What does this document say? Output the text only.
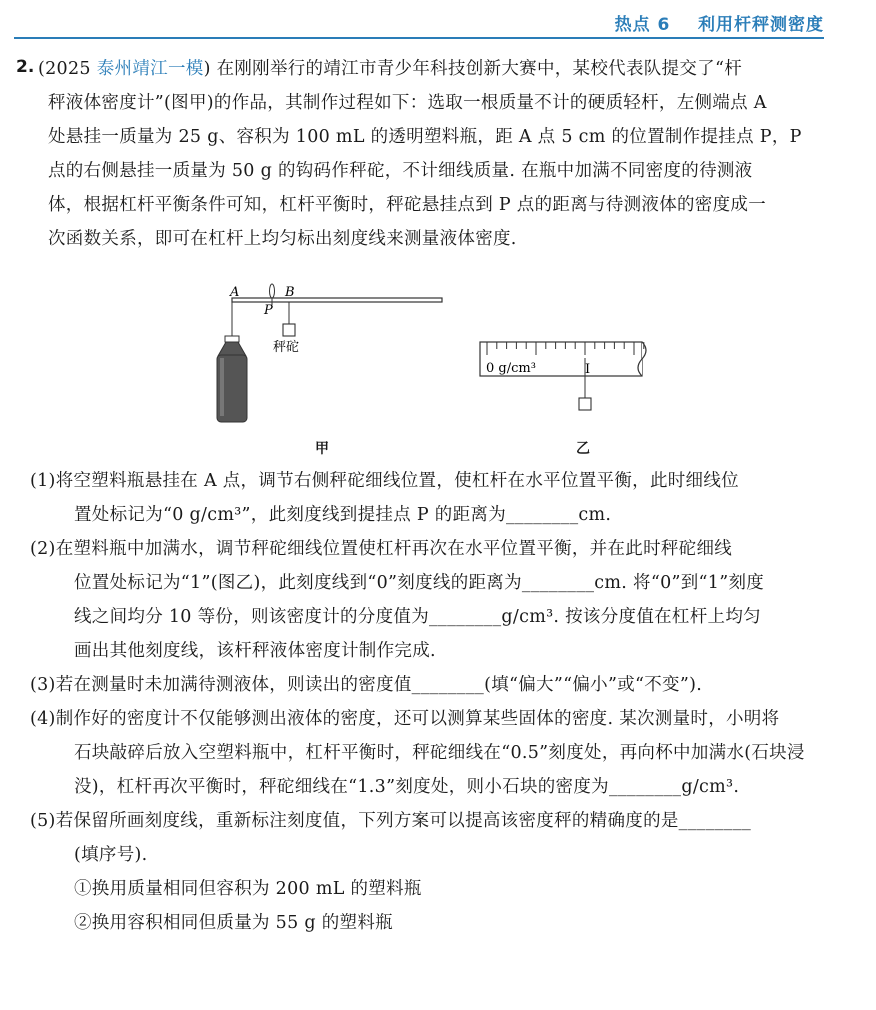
热点 6    利用杆秤测密度
2. (2025 泰州靖江一模) 在刚刚举行的靖江市青少年科技创新大赛中，某校代表队提交了“杆
秤液体密度计”(图甲)的作品，其制作过程如下：选取一根质量不计的硬质轻杆，左侧端点 A
处悬挂一质量为 25 g、容积为 100 mL 的透明塑料瓶，距 A 点 5 cm 的位置制作提挂点 P，P
点的右侧悬挂一质量为 50 g 的钩码作秤砣，不计细线质量. 在瓶中加满不同密度的待测液
体，根据杠杆平衡条件可知，杠杆平衡时，秤砣悬挂点到 P 点的距离与待测液体的密度成一
次函数关系，即可在杠杆上均匀标出刻度线来测量液体密度.
A	B
P
秤砣
0 g/cm³	I
甲	乙
(1)将空塑料瓶悬挂在 A 点，调节右侧秤砣细线位置，使杠杆在水平位置平衡，此时细线位
置处标记为“0 g/cm³”，此刻度线到提挂点 P 的距离为________cm.
(2)在塑料瓶中加满水，调节秤砣细线位置使杠杆再次在水平位置平衡，并在此时秤砣细线
位置处标记为“1”(图乙)，此刻度线到“0”刻度线的距离为________cm. 将“0”到“1”刻度
线之间均分 10 等份，则该密度计的分度值为________g/cm³. 按该分度值在杠杆上均匀
画出其他刻度线，该杆秤液体密度计制作完成.
(3)若在测量时未加满待测液体，则读出的密度值________(填“偏大”“偏小”或“不变”).
(4)制作好的密度计不仅能够测出液体的密度，还可以测算某些固体的密度. 某次测量时，小明将
石块敲碎后放入空塑料瓶中，杠杆平衡时，秤砣细线在“0.5”刻度处，再向杯中加满水(石块浸
没)，杠杆再次平衡时，秤砣细线在“1.3”刻度处，则小石块的密度为________g/cm³.
(5)若保留所画刻度线，重新标注刻度值，下列方案可以提高该密度秤的精确度的是________
(填序号).
①换用质量相同但容积为 200 mL 的塑料瓶
②换用容积相同但质量为 55 g 的塑料瓶
